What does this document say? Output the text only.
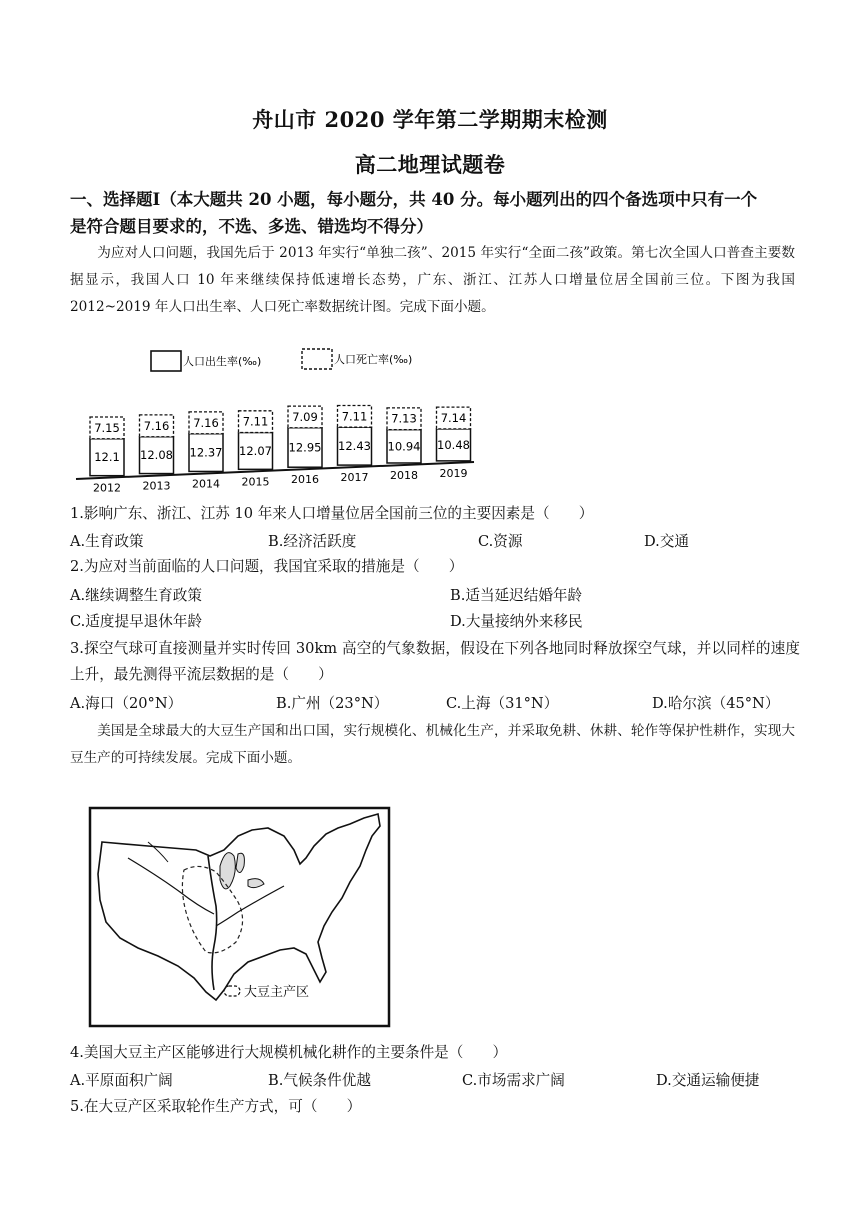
舟山市 2020 学年第二学期期末检测
高二地理试题卷
一、选择题Ⅰ（本大题共 20 小题，每小题分，共 40 分。每小题列出的四个备选项中只有一个
是符合题目要求的，不选、多选、错选均不得分）
为应对人口问题，我国先后于 2013 年实行“单独二孩”、2015 年实行“全面二孩”政策。第七次全国人口普查主要数据显示，我国人口 10 年来继续保持低速增长态势，广东、浙江、江苏人口增量位居全国前三位。下图为我国 2012~2019 年人口出生率、人口死亡率数据统计图。完成下面小题。
人口出生率(‰)	人口死亡率(‰)
12.1
7.15
2012
12.08
7.16
2013
12.37
7.16
2014
12.07
7.11
2015
12.95
7.09
2016
12.43
7.11
2017
10.94
7.13
2018
10.48
7.14
2019
1.影响广东、浙江、江苏 10 年来人口增量位居全国前三位的主要因素是（　　）
A.生育政策	B.经济活跃度	C.资源	D.交通
2.为应对当前面临的人口问题，我国宜采取的措施是（　　）
A.继续调整生育政策	B.适当延迟结婚年龄
C.适度提早退休年龄	D.大量接纳外来移民
3.探空气球可直接测量并实时传回 30km 高空的气象数据，假设在下列各地同时释放探空气球，并以同样的速度上升，最先测得平流层数据的是（　　）
A.海口（20°N）	B.广州（23°N）	C.上海（31°N）	D.哈尔滨（45°N）
美国是全球最大的大豆生产国和出口国，实行规模化、机械化生产，并采取免耕、休耕、轮作等保护性耕作，实现大豆生产的可持续发展。完成下面小题。
大豆主产区
4.美国大豆主产区能够进行大规模机械化耕作的主要条件是（　　）
A.平原面积广阔	B.气候条件优越	C.市场需求广阔	D.交通运输便捷
5.在大豆产区采取轮作生产方式，可（　　）
